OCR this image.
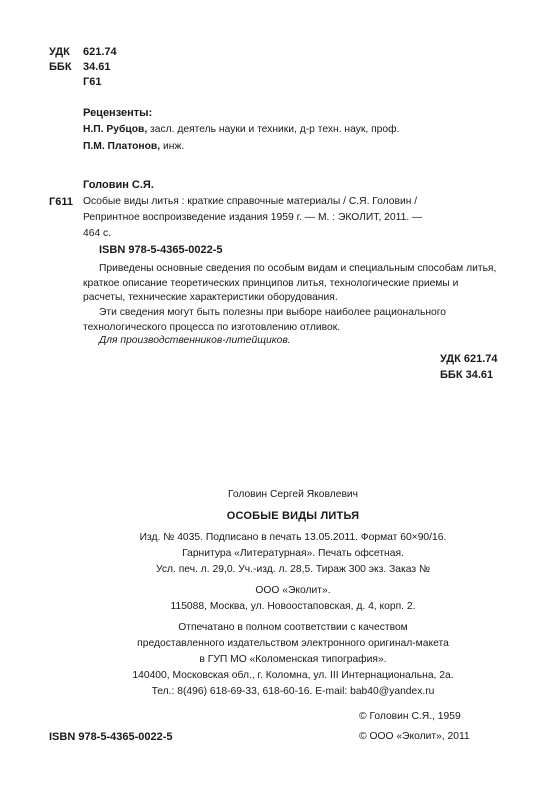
УДК 621.74
ББК 34.61
Г61
Рецензенты:
Н.П. Рубцов, засл. деятель науки и техники, д-р техн. наук, проф.
П.М. Платонов, инж.
Головин С.Я.
Г611 Особые виды литья : краткие справочные материалы / С.Я. Головин /
Репринтное воспроизведение издания 1959 г. — М. : ЭКОЛИТ, 2011. —
464 с.
ISBN 978-5-4365-0022-5
Приведены основные сведения по особым видам и специальным способам литья, краткое описание теоретических принципов литья, технологические приемы и расчеты, технические характеристики оборудования.
Эти сведения могут быть полезны при выборе наиболее рационального технологического процесса по изготовлению отливок.
Для производственников-литейщиков.
УДК 621.74
ББК 34.61
Головин Сергей Яковлевич
ОСОБЫЕ ВИДЫ ЛИТЬЯ
Изд. № 4035. Подписано в печать 13.05.2011. Формат 60×90/16.
Гарнитура «Литературная». Печать офсетная.
Усл. печ. л. 29,0. Уч.-изд. л. 28,5. Тираж 300 экз. Заказ №
ООО «Эколит».
115088, Москва, ул. Новоостаповская, д. 4, корп. 2.
Отпечатано в полном соответствии с качеством
предоставленного издательством электронного оригинал-макета
в ГУП МО «Коломенская типография».
140400, Московская обл., г. Коломна, ул. III Интернациональна, 2а.
Тел.: 8(496) 618-69-33, 618-60-16. E-mail: bab40@yandex.ru
ISBN 978-5-4365-0022-5
© Головин С.Я., 1959
© ООО «Эколит», 2011
